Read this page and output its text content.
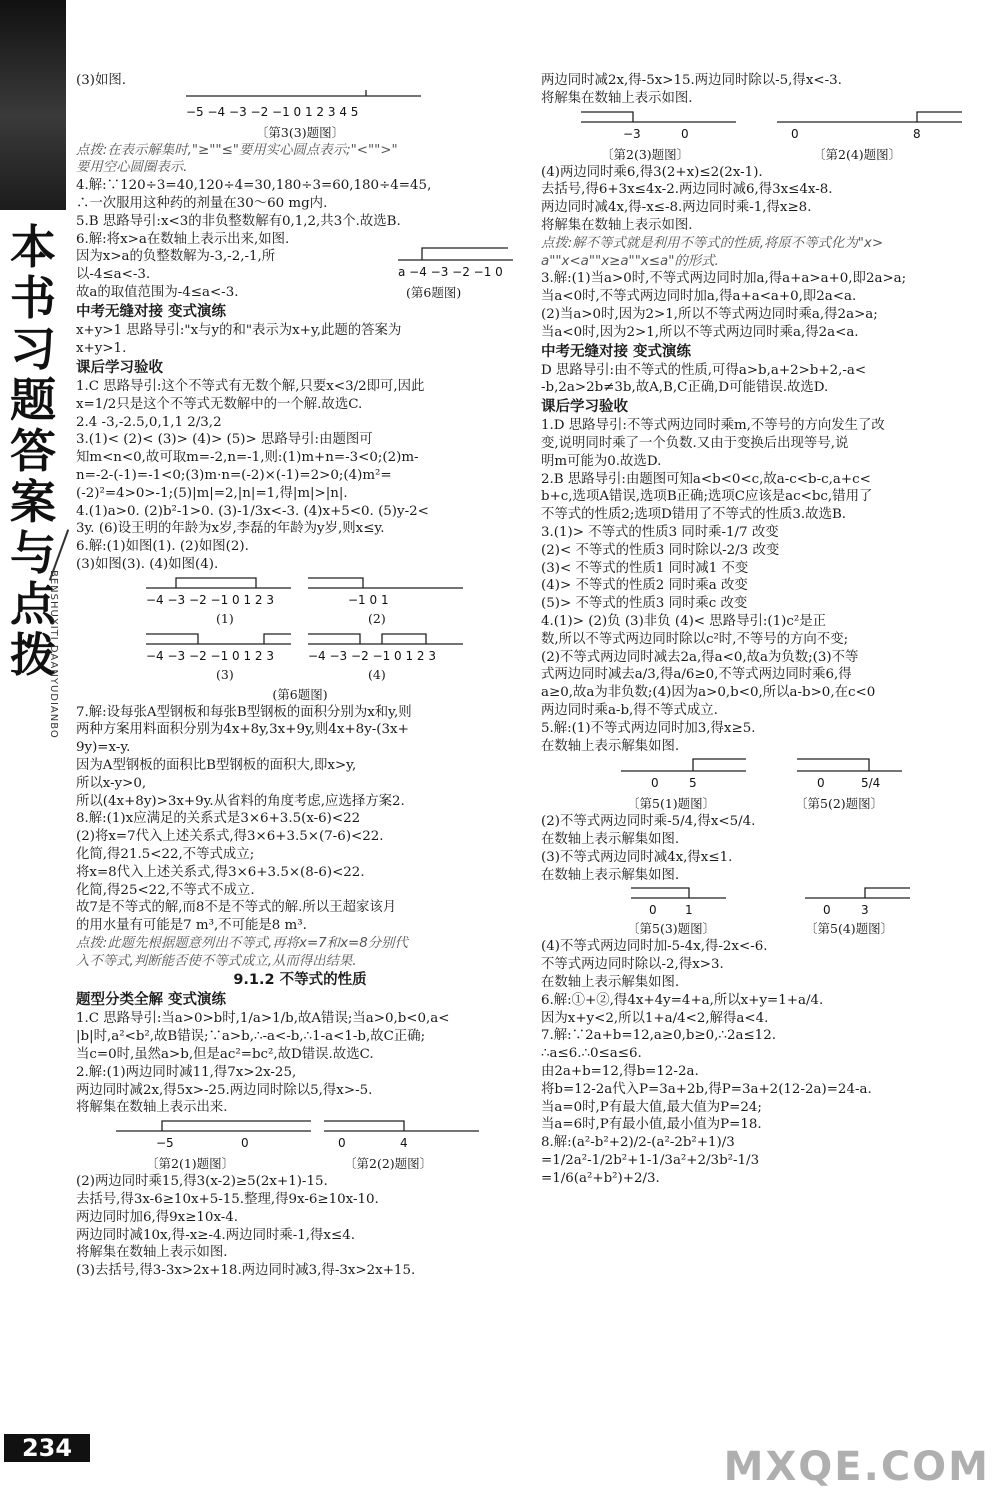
本
书
习
题
答
案
与
点
拨
BENSHUXITI DAANYUDIANBO
234
(3)如图.
−5 −4 −3 −2 −1 0 1 2 3 4 5
〔第3(3)题图〕
点拨:在表示解集时,"≥""≤"要用实心圆点表示;"<"">"
要用空心圆圈表示.
4.解:∵120÷3=40,120÷4=30,180÷3=60,180÷4=45,
∴一次服用这种药的剂量在30～60 mg内.
5.B 思路导引:x<3的非负整数解有0,1,2,共3个.故选B.
6.解:将x>a在数轴上表示出来,如图.
因为x>a的负整数解为-3,-2,-1,所
以-4≤a<-3.	a −4 −3 −2 −1 0
故a的取值范围为-4≤a<-3.	(第6题图)
中考无缝对接 变式演练
x+y>1 思路导引:"x与y的和"表示为x+y,此题的答案为
x+y>1.
课后学习验收
1.C 思路导引:这个不等式有无数个解,只要x<3/2即可,因此
x=1/2只是这个不等式无数解中的一个解.故选C.
2.4 -3,-2.5,0,1,1 2/3,2
3.(1)< (2)< (3)> (4)> (5)> 思路导引:由题图可
知m<n<0,故可取m=-2,n=-1,则:(1)m+n=-3<0;(2)m-
n=-2-(-1)=-1<0;(3)m·n=(-2)×(-1)=2>0;(4)m²=
(-2)²=4>0>-1;(5)|m|=2,|n|=1,得|m|>|n|.
4.(1)a>0. (2)b²-1>0. (3)-1/3x<-3. (4)x+5<0. (5)y-2<
3y. (6)设王明的年龄为x岁,李磊的年龄为y岁,则x≤y.
6.解:(1)如图(1). (2)如图(2).
(3)如图(3). (4)如图(4).
−4 −3 −2 −1 0 1 2 3
(1)
−1 0 1
(2)
−4 −3 −2 −1 0 1 2 3
(3)
−4 −3 −2 −1 0 1 2 3
(4)
(第6题图)
7.解:设每张A型钢板和每张B型钢板的面积分别为x和y,则
两种方案用料面积分别为4x+8y,3x+9y,则4x+8y-(3x+
9y)=x-y.
因为A型钢板的面积比B型钢板的面积大,即x>y,
所以x-y>0,
所以(4x+8y)>3x+9y.从省料的角度考虑,应选择方案2.
8.解:(1)x应满足的关系式是3×6+3.5(x-6)<22
(2)将x=7代入上述关系式,得3×6+3.5×(7-6)<22.
化简,得21.5<22,不等式成立;
将x=8代入上述关系式,得3×6+3.5×(8-6)<22.
化简,得25<22,不等式不成立.
故7是不等式的解,而8不是不等式的解.所以王超家该月
的用水量有可能是7 m³,不可能是8 m³.
点拨:此题先根据题意列出不等式,再将x=7和x=8分别代
入不等式,判断能否使不等式成立,从而得出结果.
9.1.2 不等式的性质
题型分类全解 变式演练
1.C 思路导引:当a>0>b时,1/a>1/b,故A错误;当a>0,b<0,a<
|b|时,a²<b²,故B错误;∵a>b,∴-a<-b,∴1-a<1-b,故C正确;
当c=0时,虽然a>b,但是ac²=bc²,故D错误.故选C.
2.解:(1)两边同时减11,得7x>2x-25,
两边同时减2x,得5x>-25.两边同时除以5,得x>-5.
将解集在数轴上表示出来.
−5	0	0	4
〔第2(1)题图〕	〔第2(2)题图〕
(2)两边同时乘15,得3(x-2)≥5(2x+1)-15.
去括号,得3x-6≥10x+5-15.整理,得9x-6≥10x-10.
两边同时加6,得9x≥10x-4.
两边同时减10x,得-x≥-4.两边同时乘-1,得x≤4.
将解集在数轴上表示如图.
(3)去括号,得3-3x>2x+18.两边同时减3,得-3x>2x+15.
两边同时减2x,得-5x>15.两边同时除以-5,得x<-3.
将解集在数轴上表示如图.
−3	0	0	8
〔第2(3)题图〕	〔第2(4)题图〕
(4)两边同时乘6,得3(2+x)≤2(2x-1).
去括号,得6+3x≤4x-2.两边同时减6,得3x≤4x-8.
两边同时减4x,得-x≤-8.两边同时乘-1,得x≥8.
将解集在数轴上表示如图.
点拨:解不等式就是利用不等式的性质,将原不等式化为"x>
a""x<a""x≥a""x≤a"的形式.
3.解:(1)当a>0时,不等式两边同时加a,得a+a>a+0,即2a>a;
当a<0时,不等式两边同时加a,得a+a<a+0,即2a<a.
(2)当a>0时,因为2>1,所以不等式两边同时乘a,得2a>a;
当a<0时,因为2>1,所以不等式两边同时乘a,得2a<a.
中考无缝对接 变式演练
D 思路导引:由不等式的性质,可得a>b,a+2>b+2,-a<
-b,2a>2b≠3b,故A,B,C正确,D可能错误.故选D.
课后学习验收
1.D 思路导引:不等式两边同时乘m,不等号的方向发生了改
变,说明同时乘了一个负数.又由于变换后出现等号,说
明m可能为0.故选D.
2.B 思路导引:由题图可知a<b<0<c,故a-c<b-c,a+c<
b+c,选项A错误,选项B正确;选项C应该是ac<bc,错用了
不等式的性质2;选项D错用了不等式的性质3.故选B.
3.(1)> 不等式的性质3 同时乘-1/7 改变
(2)< 不等式的性质3 同时除以-2/3 改变
(3)< 不等式的性质1 同时减1 不变
(4)> 不等式的性质2 同时乘a 改变
(5)> 不等式的性质3 同时乘c 改变
4.(1)> (2)负 (3)非负 (4)< 思路导引:(1)c²是正
数,所以不等式两边同时除以c²时,不等号的方向不变;
(2)不等式两边同时减去2a,得a<0,故a为负数;(3)不等
式两边同时减去a/3,得a/6≥0,不等式两边同时乘6,得
a≥0,故a为非负数;(4)因为a>0,b<0,所以a-b>0,在c<0
两边同时乘a-b,得不等式成立.
5.解:(1)不等式两边同时加3,得x≥5.
在数轴上表示解集如图.
0	5	0	5/4
〔第5(1)题图〕	〔第5(2)题图〕
(2)不等式两边同时乘-5/4,得x<5/4.
在数轴上表示解集如图.
(3)不等式两边同时减4x,得x≤1.
在数轴上表示解集如图.
0 1	0	3
〔第5(3)题图〕	〔第5(4)题图〕
(4)不等式两边同时加-5-4x,得-2x<-6.
不等式两边同时除以-2,得x>3.
在数轴上表示解集如图.
6.解:①+②,得4x+4y=4+a,所以x+y=1+a/4.
因为x+y<2,所以1+a/4<2,解得a<4.
7.解:∵2a+b=12,a≥0,b≥0,∴2a≤12.
∴a≤6.∴0≤a≤6.
由2a+b=12,得b=12-2a.
将b=12-2a代入P=3a+2b,得P=3a+2(12-2a)=24-a.
当a=0时,P有最大值,最大值为P=24;
当a=6时,P有最小值,最小值为P=18.
8.解:(a²-b²+2)/2-(a²-2b²+1)/3
=1/2a²-1/2b²+1-1/3a²+2/3b²-1/3
=1/6(a²+b²)+2/3.
MXQE.COM
